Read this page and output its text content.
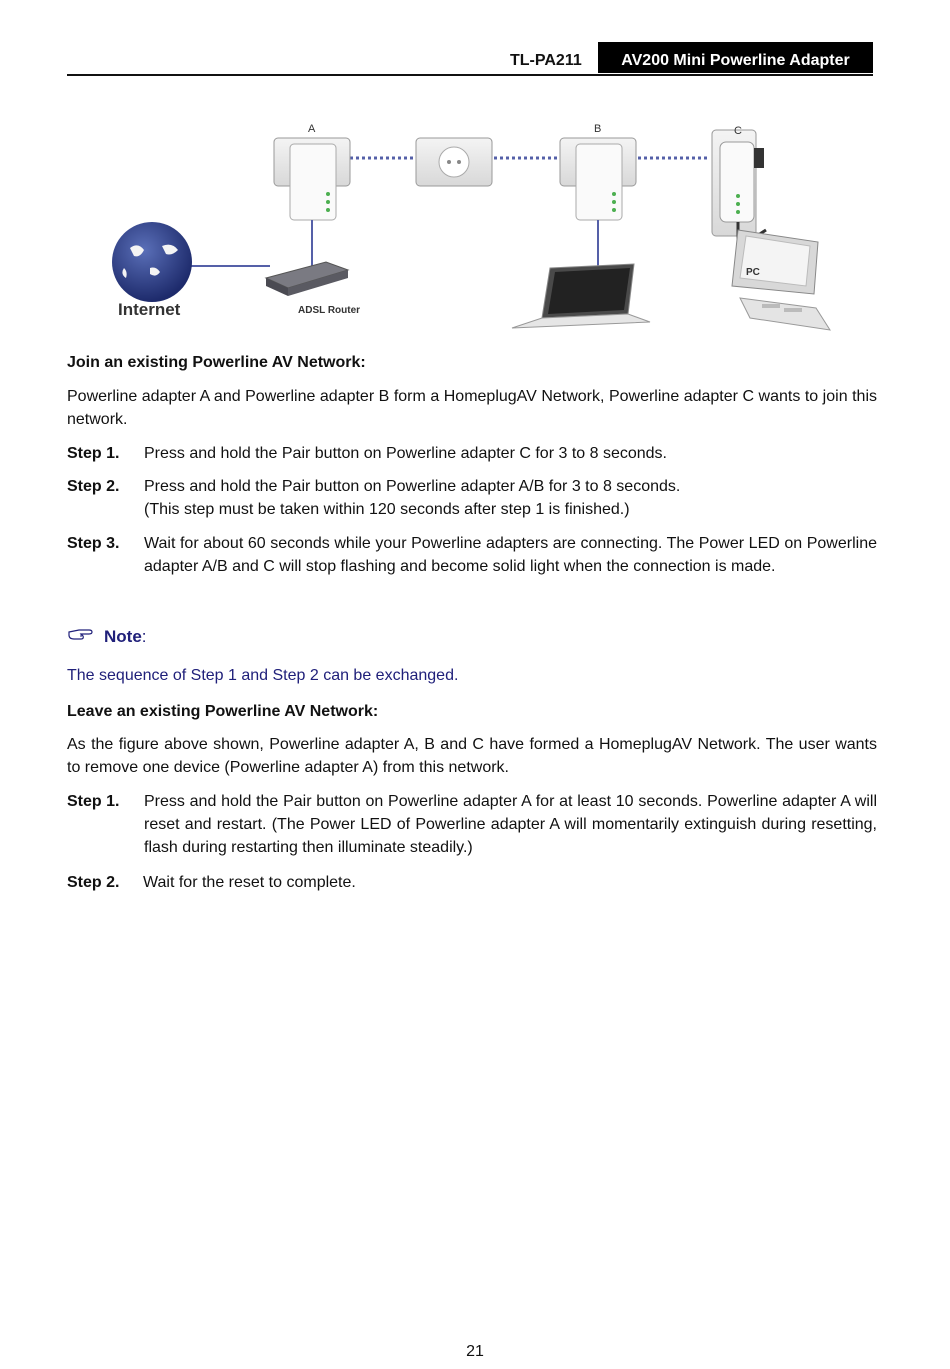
TL-PA211	AV200 Mini Powerline Adapter
A	B	C
Internet	ADSL Router
PC
Join an existing Powerline AV Network:
Powerline adapter A and Powerline adapter B form a HomeplugAV Network, Powerline adapter C wants to join this network.
Step 1. Press and hold the Pair button on Powerline adapter C for 3 to 8 seconds.
Step 2. Press and hold the Pair button on Powerline adapter A/B for 3 to 8 seconds.
(This step must be taken within 120 seconds after step 1 is finished.)
Step 3. Wait for about 60 seconds while your Powerline adapters are connecting. The Power LED on Powerline adapter A/B and C will stop flashing and become solid light when the connection is made.
Note:
The sequence of Step 1 and Step 2 can be exchanged.
Leave an existing Powerline AV Network:
As the figure above shown, Powerline adapter A, B and C have formed a HomeplugAV Network. The user wants to remove one device (Powerline adapter A) from this network.
Step 1. Press and hold the Pair button on Powerline adapter A for at least 10 seconds. Powerline adapter A will reset and restart. (The Power LED of Powerline adapter A will momentarily extinguish during resetting, flash during restarting then illuminate steadily.)
Step 2. Wait for the reset to complete.
21
